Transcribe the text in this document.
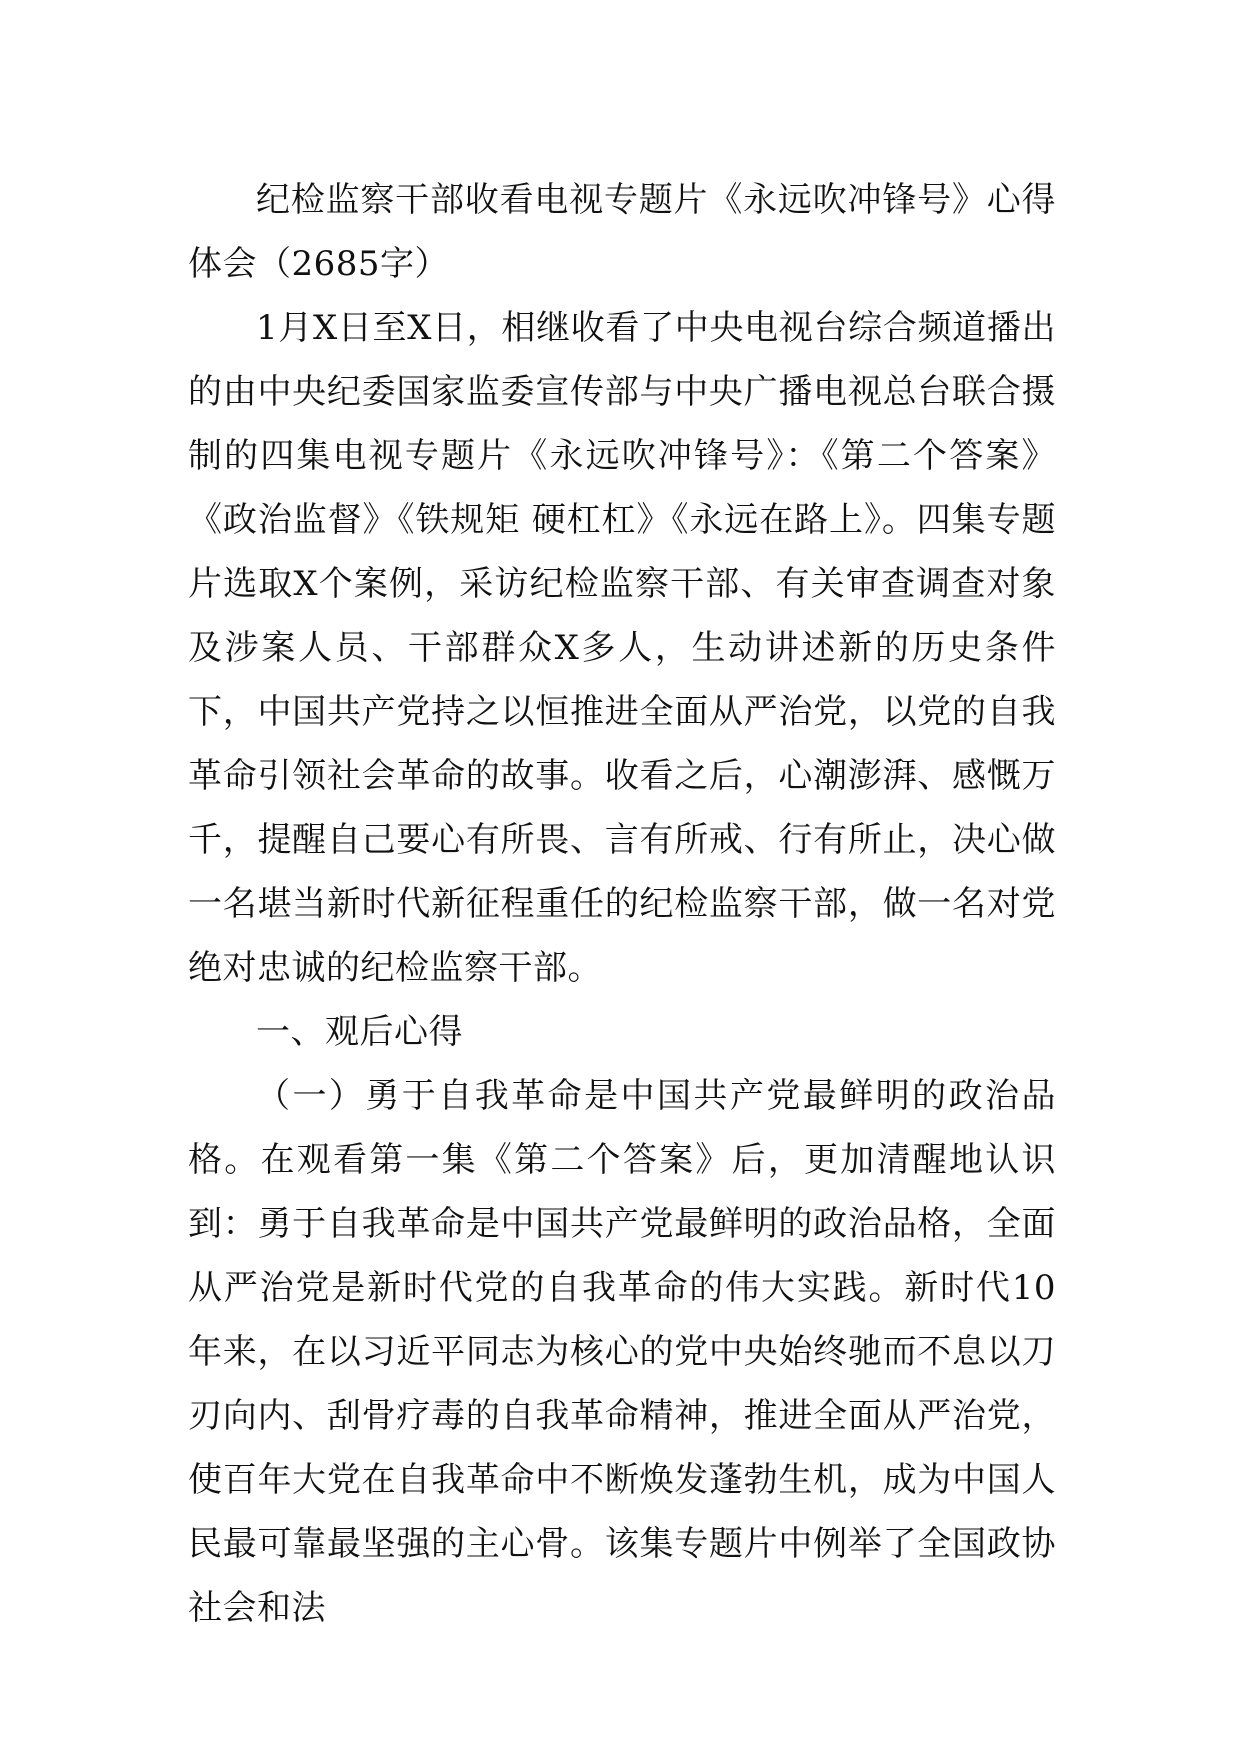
纪检监察干部收看电视专题片《永远吹冲锋号》心得体会（2685字）

1月X日至X日，相继收看了中央电视台综合频道播出的由中央纪委国家监委宣传部与中央广播电视总台联合摄制的四集电视专题片《永远吹冲锋号》：《第二个答案》《政治监督》《铁规矩 硬杠杠》《永远在路上》。四集专题片选取X个案例，采访纪检监察干部、有关审查调查对象及涉案人员、干部群众X多人，生动讲述新的历史条件下，中国共产党持之以恒推进全面从严治党，以党的自我革命引领社会革命的故事。收看之后，心潮澎湃、感慨万千，提醒自己要心有所畏、言有所戒、行有所止，决心做一名堪当新时代新征程重任的纪检监察干部，做一名对党绝对忠诚的纪检监察干部。

一、观后心得

（一）勇于自我革命是中国共产党最鲜明的政治品格。在观看第一集《第二个答案》后，更加清醒地认识到：勇于自我革命是中国共产党最鲜明的政治品格，全面从严治党是新时代党的自我革命的伟大实践。新时代10年来，在以习近平同志为核心的党中央始终驰而不息以刀刃向内、刮骨疗毒的自我革命精神，推进全面从严治党，使百年大党在自我革命中不断焕发蓬勃生机，成为中国人民最可靠最坚强的主心骨。该集专题片中例举了全国政协社会和法
